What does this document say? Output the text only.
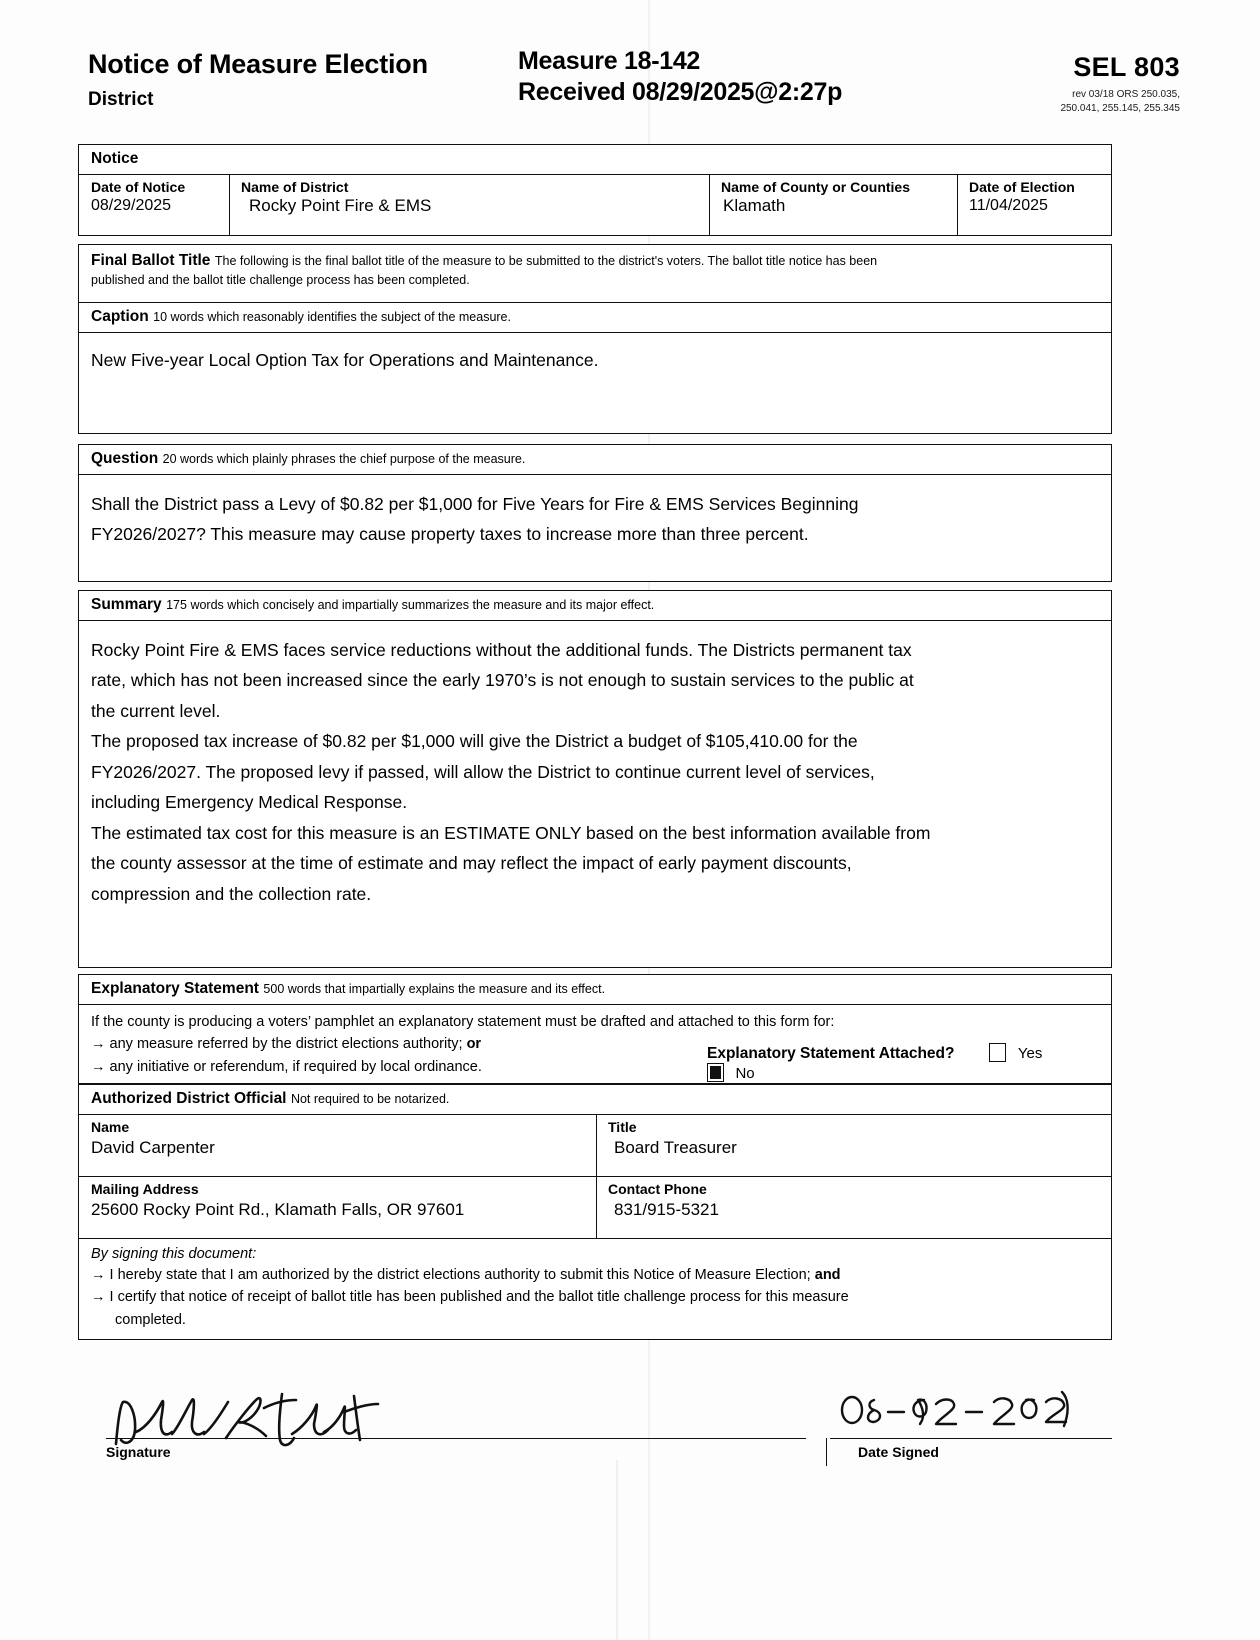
Notice of Measure Election
District
Measure 18-142
Received 08/29/2025@2:27p
SEL 803
rev 03/18 ORS 250.035,
250.041, 255.145, 255.345
Notice
Date of Notice
08/29/2025
Name of District
Rocky Point Fire & EMS
Name of County or Counties
Klamath
Date of Election
11/04/2025
Final Ballot Title The following is the final ballot title of the measure to be submitted to the district's voters. The ballot title notice has been
published and the ballot title challenge process has been completed.
Caption 10 words which reasonably identifies the subject of the measure.
New Five-year Local Option Tax for Operations and Maintenance.
Question 20 words which plainly phrases the chief purpose of the measure.
Shall the District pass a Levy of $0.82 per $1,000 for Five Years for Fire & EMS Services Beginning
FY2026/2027? This measure may cause property taxes to increase more than three percent.
Summary 175 words which concisely and impartially summarizes the measure and its major effect.
Rocky Point Fire & EMS faces service reductions without the additional funds. The Districts permanent tax
rate, which has not been increased since the early 1970’s is not enough to sustain services to the public at
the current level.
The proposed tax increase of $0.82 per $1,000 will give the District a budget of $105,410.00 for the
FY2026/2027. The proposed levy if passed, will allow the District to continue current level of services,
including Emergency Medical Response.
The estimated tax cost for this measure is an ESTIMATE ONLY based on the best information available from
the county assessor at the time of estimate and may reflect the impact of early payment discounts,
compression and the collection rate.
Explanatory Statement 500 words that impartially explains the measure and its effect.
If the county is producing a voters’ pamphlet an explanatory statement must be drafted and attached to this form for:
→ any measure referred by the district elections authority; or
→ any initiative or referendum, if required by local ordinance.
Explanatory Statement Attached?	Yes   No
Authorized District Official Not required to be notarized.
Name
David Carpenter
Title
Board Treasurer
Mailing Address
25600 Rocky Point Rd., Klamath Falls, OR 97601
Contact Phone
831/915-5321
By signing this document:
→ I hereby state that I am authorized by the district elections authority to submit this Notice of Measure Election; and
→ I certify that notice of receipt of ballot title has been published and the ballot title challenge process for this measure
completed.
Signature	Date Signed
